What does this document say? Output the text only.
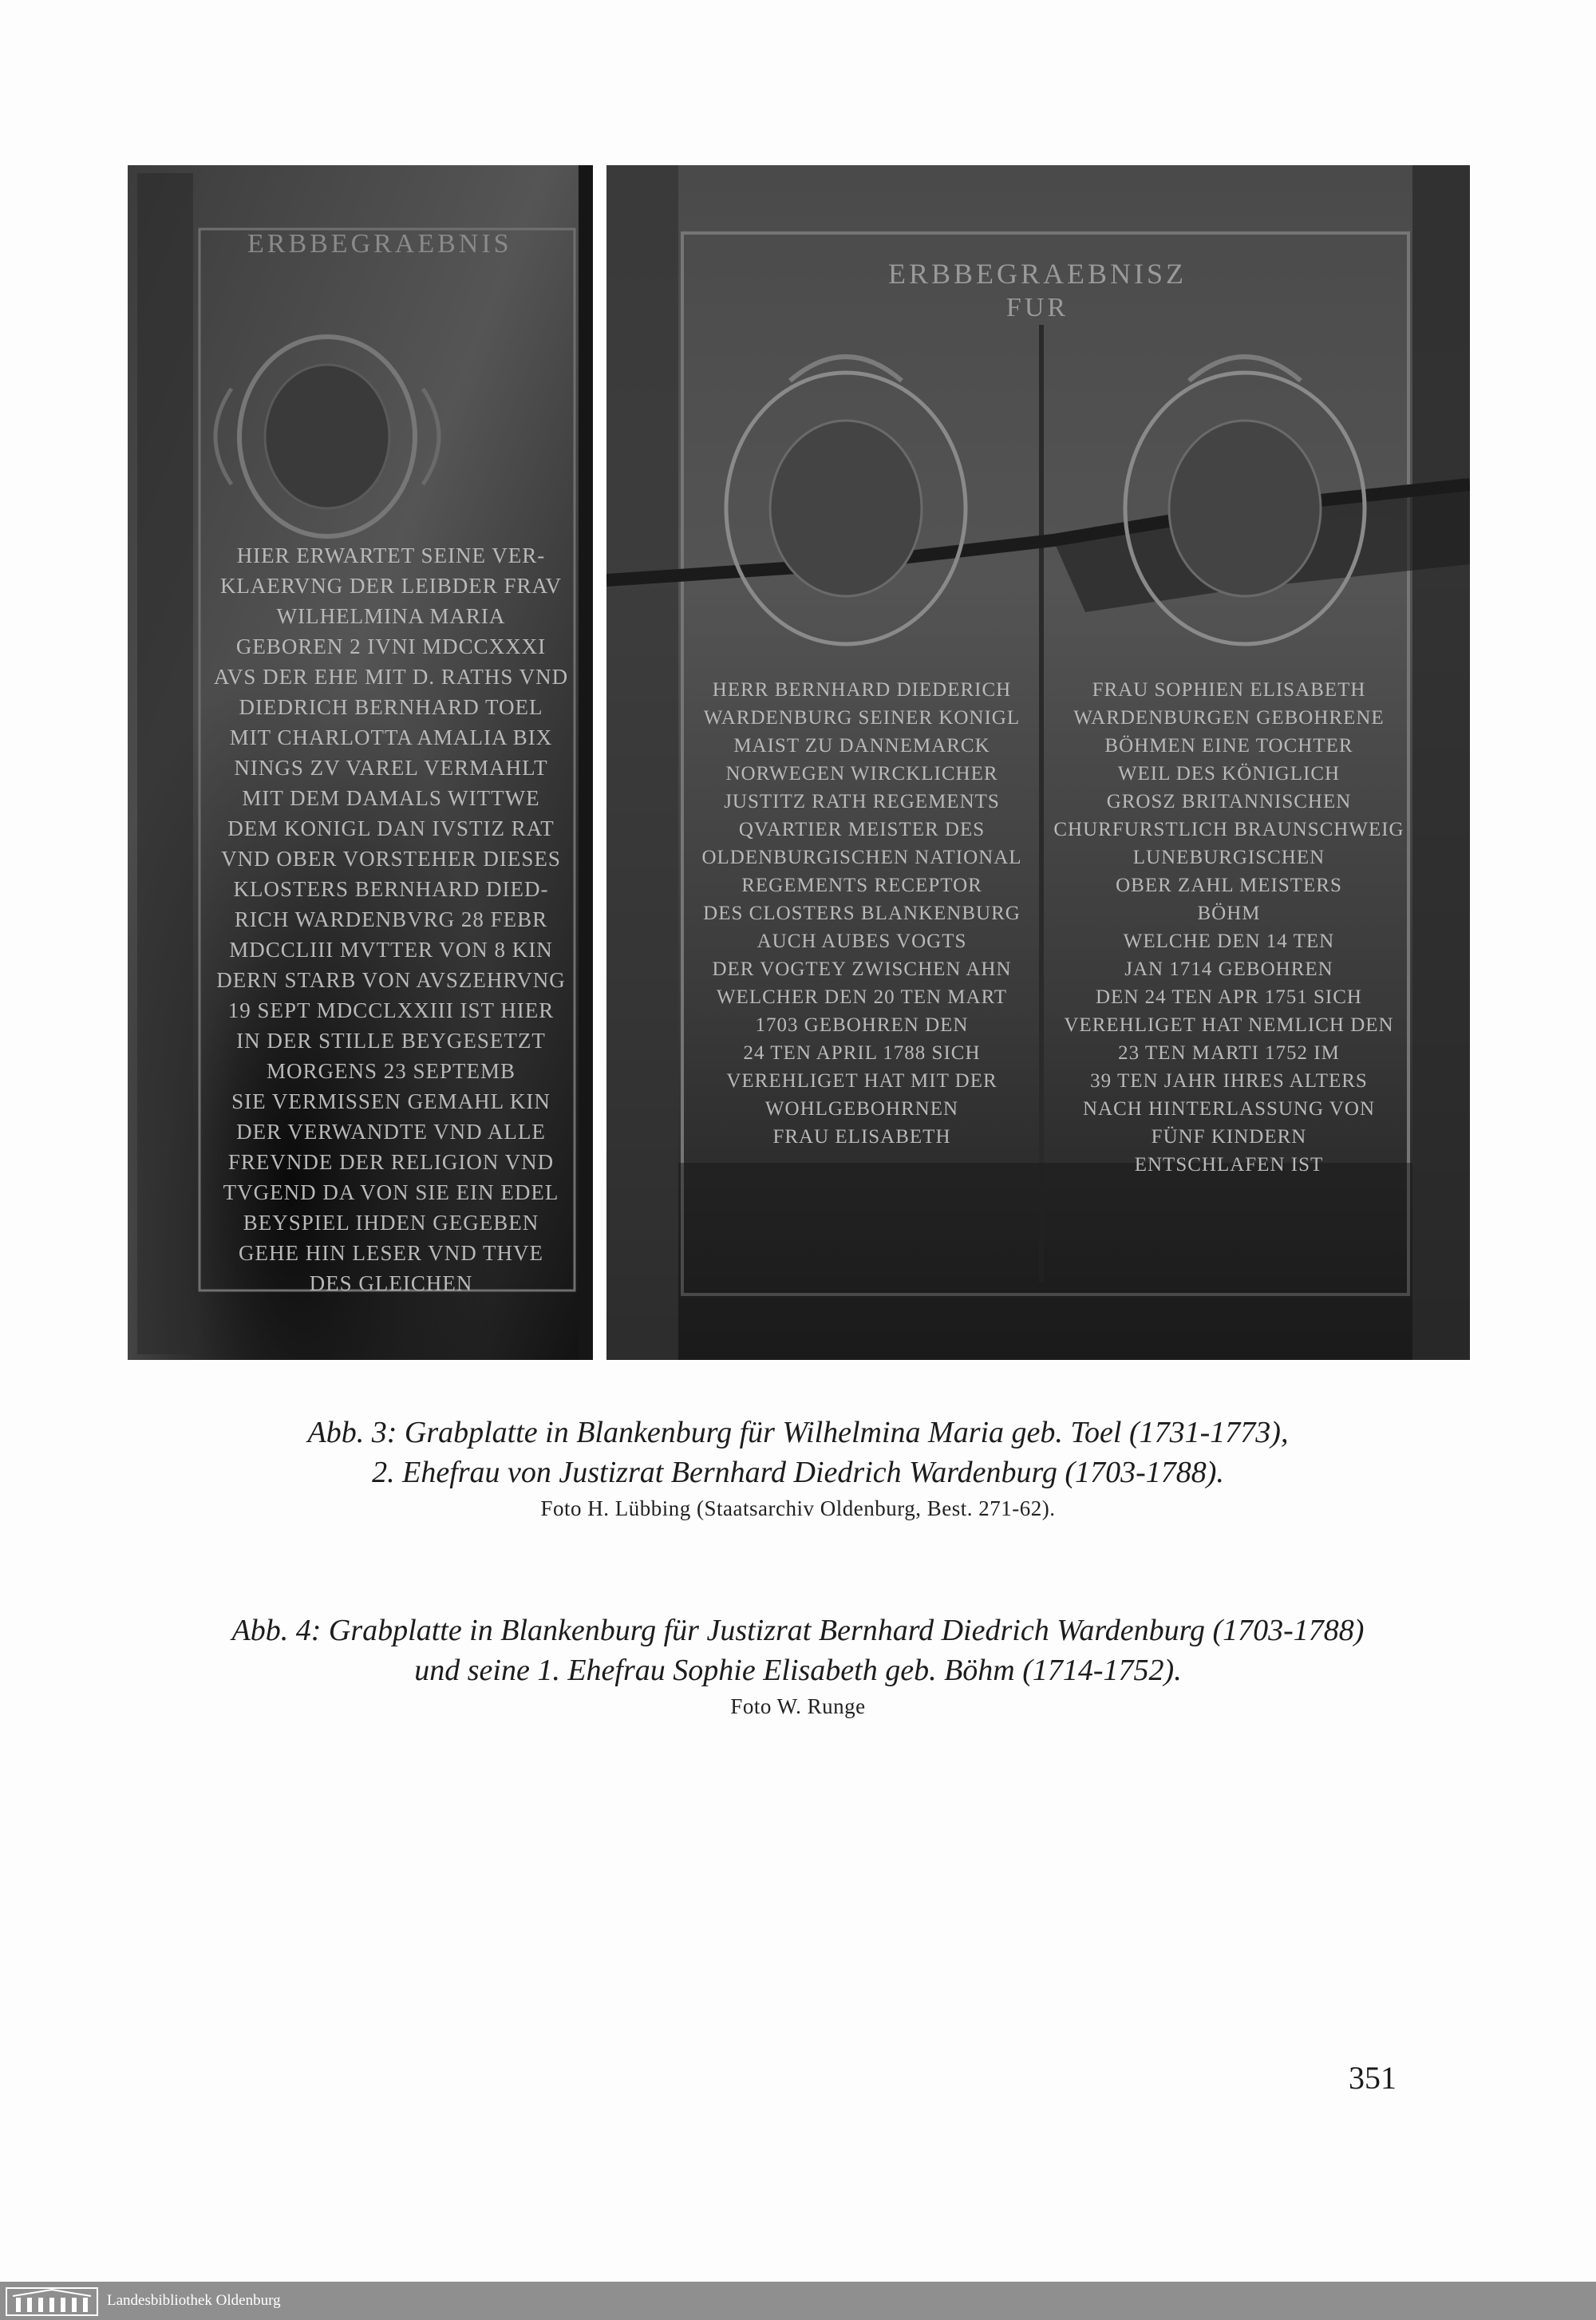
ERBBEGRAEBNIS
HIER ERWARTET SEINE VER-
KLAERVNG DER LEIBDER FRAV
WILHELMINA MARIA
GEBOREN 2 IVNI MDCCXXXI
AVS DER EHE MIT D. RATHS VND
DIEDRICH BERNHARD TOEL
MIT CHARLOTTA AMALIA BIX
NINGS ZV VAREL VERMAHLT
MIT DEM DAMALS WITTWE
DEM KONIGL DAN IVSTIZ RAT
VND OBER VORSTEHER DIESES
KLOSTERS BERNHARD DIED-
RICH WARDENBVRG 28 FEBR
MDCCLIII MVTTER VON 8 KIN
DERN STARB VON AVSZEHRVNG
19 SEPT MDCCLXXIII IST HIER
IN DER STILLE BEYGESETZT
MORGENS 23 SEPTEMB
SIE VERMISSEN GEMAHL KIN
DER VERWANDTE VND ALLE
FREVNDE DER RELIGION VND
TVGEND DA VON SIE EIN EDEL
BEYSPIEL IHDEN GEGEBEN
GEHE HIN LESER VND THVE
DES GLEICHEN
ERBBEGRAEBNISZ
FUR
HERR BERNHARD DIEDERICH
WARDENBURG SEINER KONIGL
MAIST ZU DANNEMARCK
NORWEGEN WIRCKLICHER
JUSTITZ RATH REGEMENTS
QVARTIER MEISTER DES
OLDENBURGISCHEN NATIONAL
REGEMENTS RECEPTOR
DES CLOSTERS BLANKENBURG
AUCH AUBES VOGTS
DER VOGTEY ZWISCHEN AHN
WELCHER DEN 20 TEN MART
1703 GEBOHREN DEN
24 TEN APRIL 1788 SICH
VEREHLIGET HAT MIT DER
WOHLGEBOHRNEN
FRAU ELISABETH
FRAU SOPHIEN ELISABETH
WARDENBURGEN GEBOHRENE
BÖHMEN EINE TOCHTER
WEIL DES KÖNIGLICH
GROSZ BRITANNISCHEN
CHURFURSTLICH BRAUNSCHWEIG
LUNEBURGISCHEN
OBER ZAHL MEISTERS
BÖHM
WELCHE DEN 14 TEN
JAN 1714 GEBOHREN
DEN 24 TEN APR 1751 SICH
VEREHLIGET HAT NEMLICH DEN
23 TEN MARTI 1752 IM
39 TEN JAHR IHRES ALTERS
NACH HINTERLASSUNG VON
FÜNF KINDERN
ENTSCHLAFEN IST

Abb. 3: Grabplatte in Blankenburg für Wilhelmina Maria geb. Toel (1731-1773),

2. Ehefrau von Justizrat Bernhard Diedrich Wardenburg (1703-1788).

Foto H. Lübbing (Staatsarchiv Oldenburg, Best. 271-62).

Abb. 4: Grabplatte in Blankenburg für Justizrat Bernhard Diedrich Wardenburg (1703-1788)

und seine 1. Ehefrau Sophie Elisabeth geb. Böhm (1714-1752).

Foto W. Runge

351
Landesbibliothek Oldenburg
